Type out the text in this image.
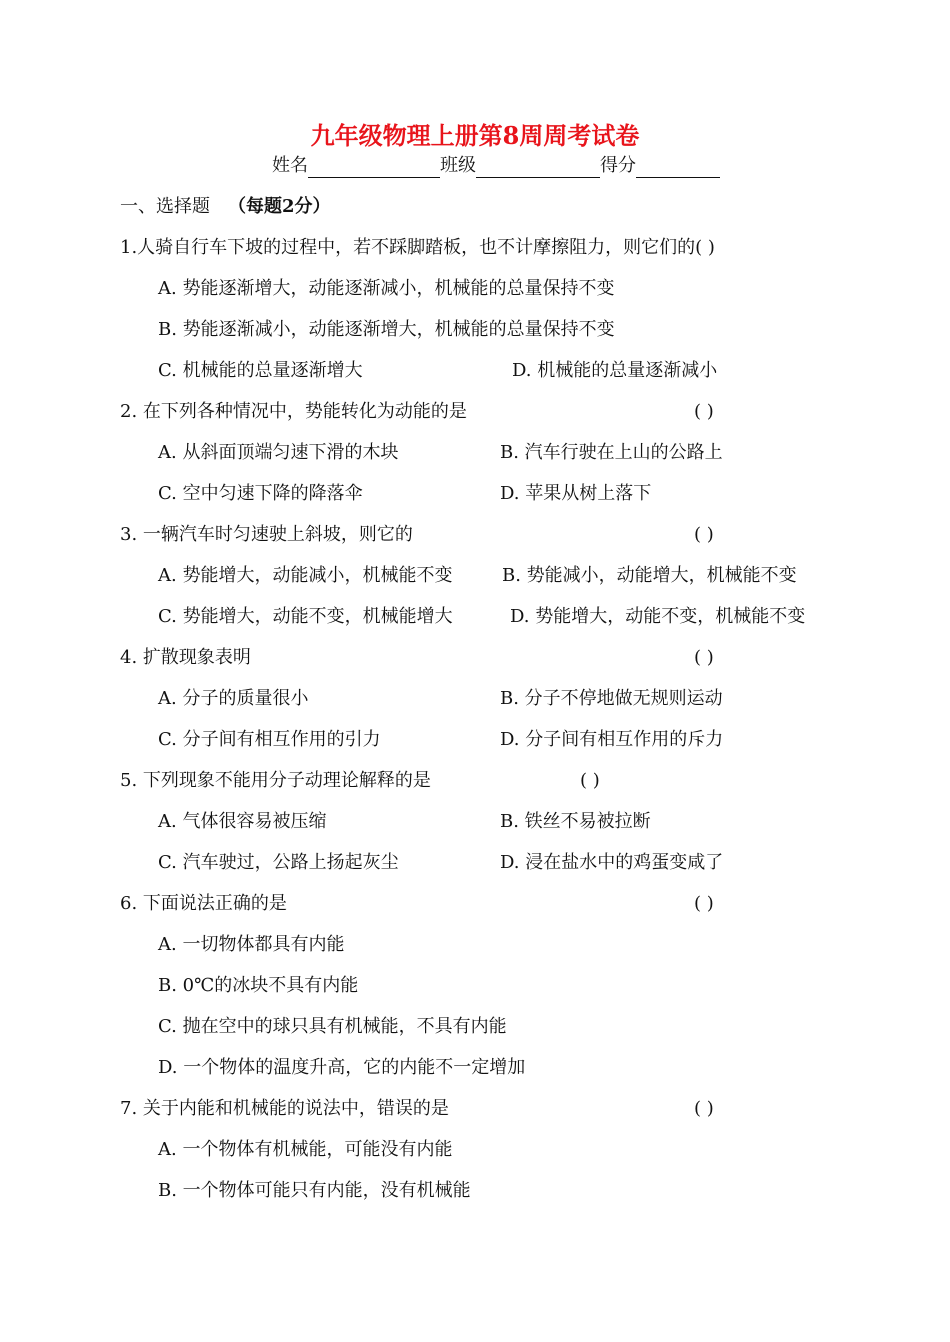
九年级物理上册第8周周考试卷
姓名	班级	得分
一、选择题 （每题2分）
1.人骑自行车下坡的过程中，若不踩脚踏板，也不计摩擦阻力，则它们的( )
A. 势能逐渐增大，动能逐渐减小，机械能的总量保持不变
B. 势能逐渐减小，动能逐渐增大，机械能的总量保持不变
C. 机械能的总量逐渐增大	D. 机械能的总量逐渐减小
2. 在下列各种情况中，势能转化为动能的是	( )
A. 从斜面顶端匀速下滑的木块	B. 汽车行驶在上山的公路上
C. 空中匀速下降的降落伞	D. 苹果从树上落下
3. 一辆汽车时匀速驶上斜坡，则它的	( )
A. 势能增大，动能减小，机械能不变	B. 势能减小，动能增大，机械能不变
C. 势能增大，动能不变，机械能增大	D. 势能增大，动能不变，机械能不变
4. 扩散现象表明	( )
A. 分子的质量很小	B. 分子不停地做无规则运动
C. 分子间有相互作用的引力	D. 分子间有相互作用的斥力
5. 下列现象不能用分子动理论解释的是	( )
A. 气体很容易被压缩	B. 铁丝不易被拉断
C. 汽车驶过，公路上扬起灰尘	D. 浸在盐水中的鸡蛋变咸了
6. 下面说法正确的是	( )
A. 一切物体都具有内能
B. 0℃的冰块不具有内能
C. 抛在空中的球只具有机械能，不具有内能
D. 一个物体的温度升高，它的内能不一定增加
7. 关于内能和机械能的说法中，错误的是	( )
A. 一个物体有机械能，可能没有内能
B. 一个物体可能只有内能，没有机械能
